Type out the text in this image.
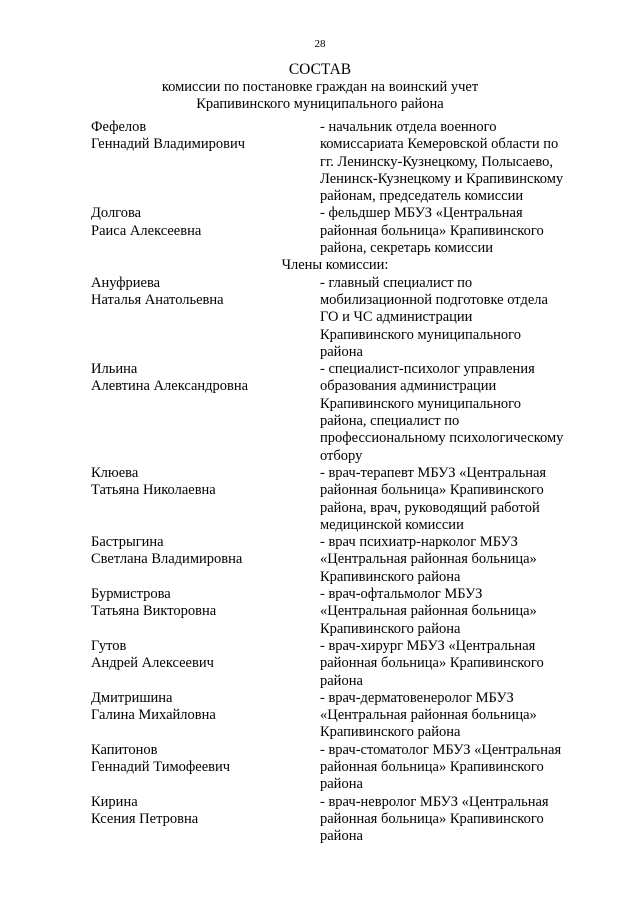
28
СОСТАВ
комиссии по постановке граждан на воинский учет
Крапивинского муниципального района
Фефелов
Геннадий Владимирович
- начальник отдела военного
комиссариата Кемеровской области по
гг. Ленинску-Кузнецкому, Полысаево,
Ленинск-Кузнецкому и Крапивинскому
районам, председатель комиссии
Долгова
Раиса Алексеевна
- фельдшер МБУЗ «Центральная
районная больница» Крапивинского
района, секретарь комиссии
Члены комиссии:
Ануфриева
Наталья Анатольевна
- главный специалист по
мобилизационной подготовке отдела
ГО и ЧС администрации
Крапивинского муниципального
района
Ильина
Алевтина Александровна
- специалист-психолог управления
образования администрации
Крапивинского муниципального
района, специалист по
профессиональному психологическому
отбору
Клюева
Татьяна Николаевна
- врач-терапевт МБУЗ «Центральная
районная больница» Крапивинского
района, врач, руководящий работой
медицинской комиссии
Бастрыгина
Светлана Владимировна
- врач психиатр-нарколог МБУЗ
«Центральная районная больница»
Крапивинского района
Бурмистрова
Татьяна Викторовна
- врач-офтальмолог МБУЗ
«Центральная районная больница»
Крапивинского района
Гутов
Андрей Алексеевич
- врач-хирург МБУЗ «Центральная
районная больница» Крапивинского
района
Дмитришина
Галина Михайловна
- врач-дерматовенеролог МБУЗ
«Центральная районная больница»
Крапивинского района
Капитонов
Геннадий Тимофеевич
- врач-стоматолог МБУЗ «Центральная
районная больница» Крапивинского
района
Кирина
Ксения Петровна
- врач-невролог МБУЗ «Центральная
районная больница» Крапивинского
района
